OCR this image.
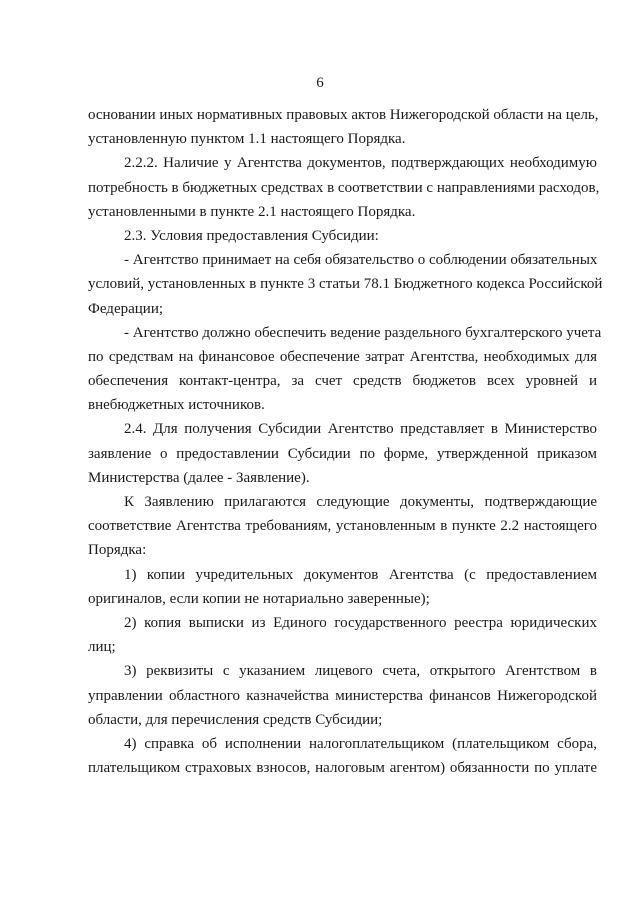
6
основании иных нормативных правовых актов Нижегородской области на цель,
установленную пунктом 1.1 настоящего Порядка.
2.2.2. Наличие у Агентства документов, подтверждающих необходимую
потребность в бюджетных средствах в соответствии с направлениями расходов,
установленными в пункте 2.1 настоящего Порядка.
2.3. Условия предоставления Субсидии:
- Агентство принимает на себя обязательство о соблюдении обязательных
условий, установленных в пункте 3 статьи 78.1 Бюджетного кодекса Российской
Федерации;
- Агентство должно обеспечить ведение раздельного бухгалтерского учета
по средствам на финансовое обеспечение затрат Агентства, необходимых для
обеспечения контакт-центра, за счет средств бюджетов всех уровней и
внебюджетных источников.
2.4. Для получения Субсидии Агентство представляет в Министерство
заявление о предоставлении Субсидии по форме, утвержденной приказом
Министерства (далее - Заявление).
К Заявлению прилагаются следующие документы, подтверждающие
соответствие Агентства требованиям, установленным в пункте 2.2 настоящего
Порядка:
1) копии учредительных документов Агентства (с предоставлением
оригиналов, если копии не нотариально заверенные);
2) копия выписки из Единого государственного реестра юридических
лиц;
3) реквизиты с указанием лицевого счета, открытого Агентством в
управлении областного казначейства министерства финансов Нижегородской
области, для перечисления средств Субсидии;
4) справка об исполнении налогоплательщиком (плательщиком сбора,
плательщиком страховых взносов, налоговым агентом) обязанности по уплате
